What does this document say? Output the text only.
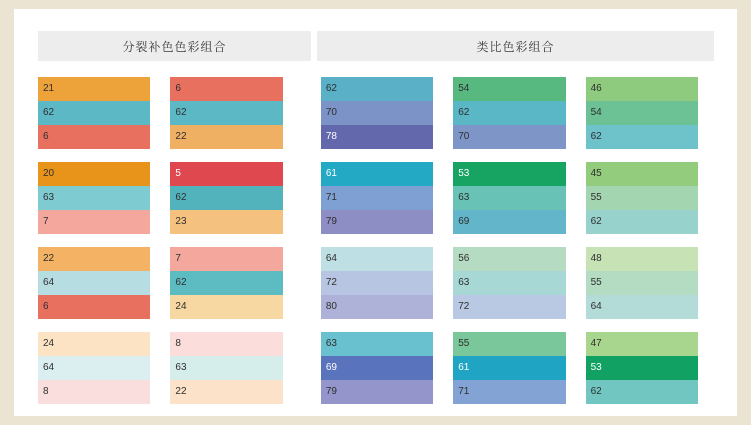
分裂补色色彩组合	类比色彩组合
21
62
6
6
62
22
62
70
78
54
62
70
46
54
62
20
63
7
5
62
23
61
71
79
53
63
69
45
55
62
22
64
6
7
62
24
64
72
80
56
63
72
48
55
64
24
64
8
8
63
22
63
69
79
55
61
71
47
53
62
